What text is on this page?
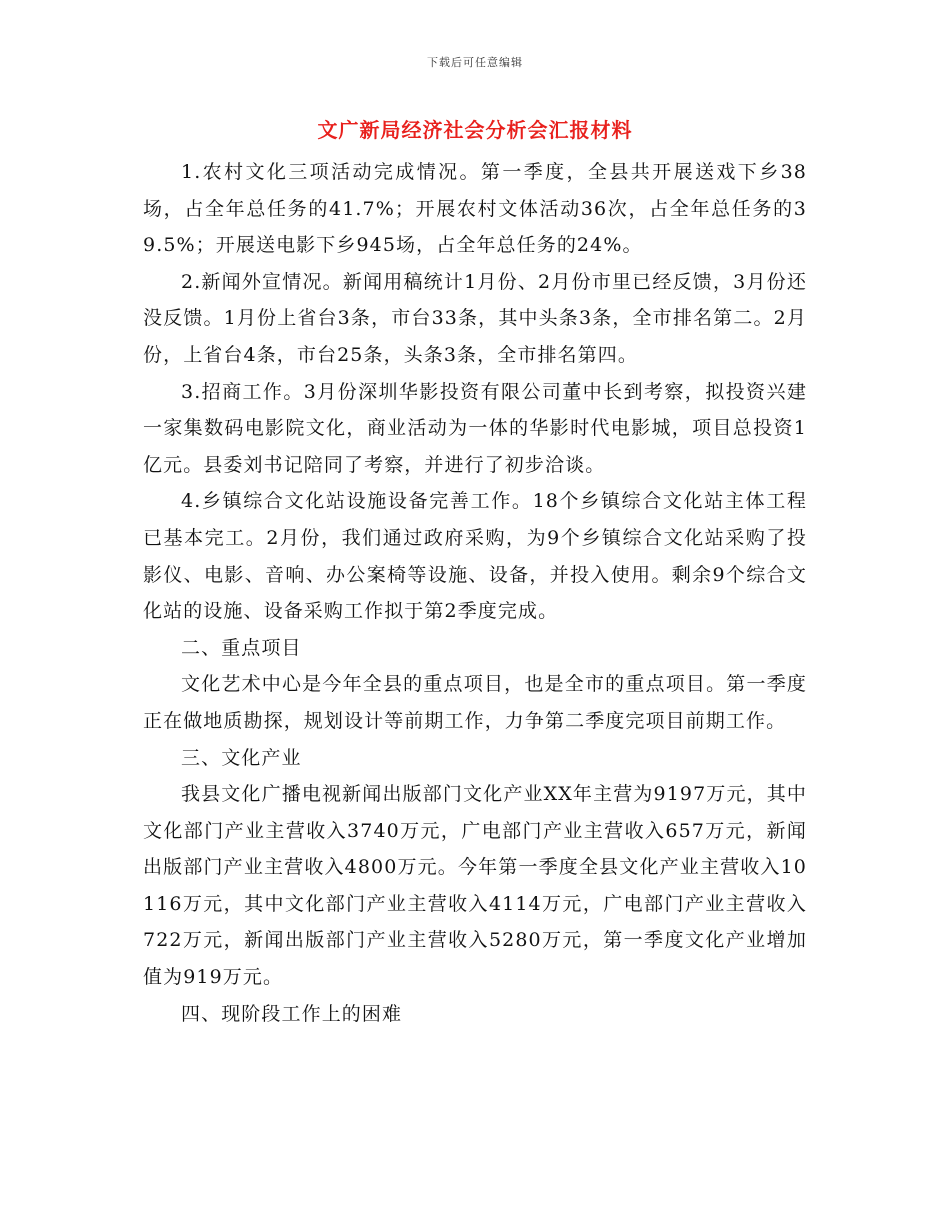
下载后可任意编辑
文广新局经济社会分析会汇报材料

1.农村文化三项活动完成情况。第一季度，全县共开展送戏下乡38场，占全年总任务的41.7%；开展农村文体活动36次，占全年总任务的39.5%；开展送电影下乡945场，占全年总任务的24%。

2.新闻外宣情况。新闻用稿统计1月份、2月份市里已经反馈，3月份还没反馈。1月份上省台3条，市台33条，其中头条3条，全市排名第二。2月份，上省台4条，市台25条，头条3条，全市排名第四。

3.招商工作。3月份深圳华影投资有限公司董中长到考察，拟投资兴建一家集数码电影院文化，商业活动为一体的华影时代电影城，项目总投资1亿元。县委刘书记陪同了考察，并进行了初步洽谈。

4.乡镇综合文化站设施设备完善工作。18个乡镇综合文化站主体工程已基本完工。2月份，我们通过政府采购，为9个乡镇综合文化站采购了投影仪、电影、音响、办公案椅等设施、设备，并投入使用。剩余9个综合文化站的设施、设备采购工作拟于第2季度完成。

二、重点项目

文化艺术中心是今年全县的重点项目，也是全市的重点项目。第一季度正在做地质勘探，规划设计等前期工作，力争第二季度完项目前期工作。

三、文化产业

我县文化广播电视新闻出版部门文化产业XX年主营为9197万元，其中文化部门产业主营收入3740万元，广电部门产业主营收入657万元，新闻出版部门产业主营收入4800万元。今年第一季度全县文化产业主营收入10116万元，其中文化部门产业主营收入4114万元，广电部门产业主营收入722万元，新闻出版部门产业主营收入5280万元，第一季度文化产业增加值为919万元。

四、现阶段工作上的困难
